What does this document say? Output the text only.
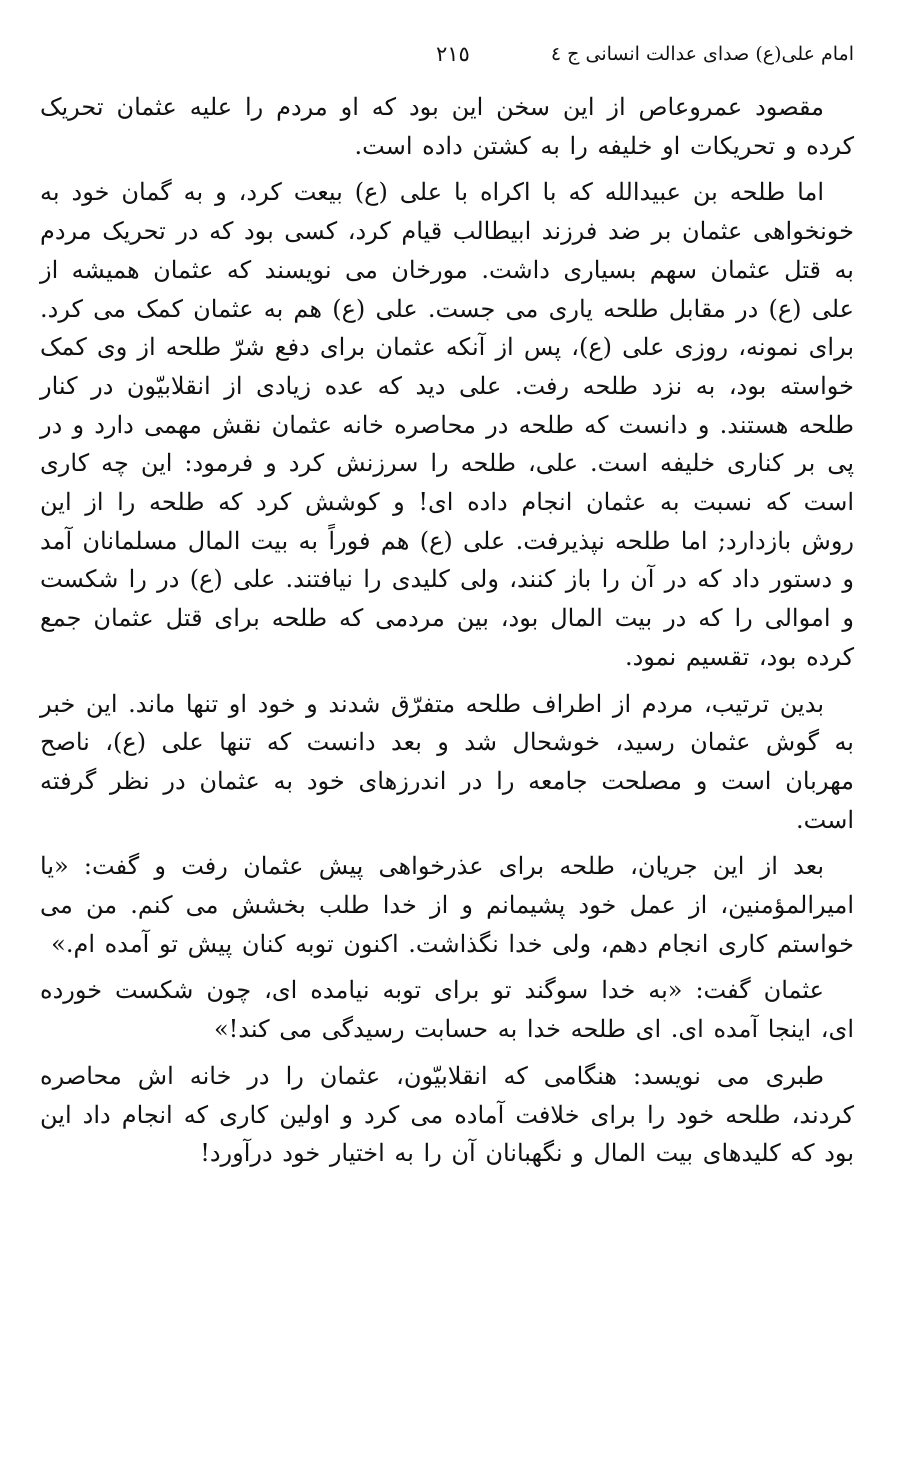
امام علی(ع) صدای عدالت انسانی ج ٤
٢١٥

مقصود عمروعاص از این سخن این بود که او مردم را علیه عثمان تحریک کرده و تحریکات او خلیفه را به کشتن داده است.

اما طلحه بن عبیدالله که با اکراه با علی (ع) بیعت کرد، و به گمان خود به خونخواهی عثمان بر ضد فرزند ابیطالب قیام کرد، کسی بود که در تحریک مردم به قتل عثمان سهم بسیاری داشت. مورخان می نویسند که عثمان همیشه از علی (ع) در مقابل طلحه یاری می جست. علی (ع) هم به عثمان کمک می کرد. برای نمونه، روزی علی (ع)، پس از آنکه عثمان برای دفع شرّ طلحه از وی کمک خواسته بود، به نزد طلحه رفت. علی دید که عده زیادی از انقلابیّون در کنار طلحه هستند. و دانست که طلحه در محاصره خانه عثمان نقش مهمی دارد و در پی بر کناری خلیفه است. علی، طلحه را سرزنش کرد و فرمود: این چه کاری است که نسبت به عثمان انجام داده ای! و کوشش کرد که طلحه را از این روش بازدارد; اما طلحه نپذیرفت. علی (ع) هم فوراً به بیت المال مسلمانان آمد و دستور داد که در آن را باز کنند، ولی کلیدی را نیافتند. علی (ع) در را شکست و اموالی را که در بیت المال بود، بین مردمی که طلحه برای قتل عثمان جمع کرده بود، تقسیم نمود.

بدین ترتیب، مردم از اطراف طلحه متفرّق شدند و خود او تنها ماند. این خبر به گوش عثمان رسید، خوشحال شد و بعد دانست که تنها علی (ع)، ناصح مهربان است و مصلحت جامعه را در اندرزهای خود به عثمان در نظر گرفته است.

بعد از این جریان، طلحه برای عذرخواهی پیش عثمان رفت و گفت: «یا امیرالمؤمنین، از عمل خود پشیمانم و از خدا طلب بخشش می کنم. من می خواستم کاری انجام دهم، ولی خدا نگذاشت. اکنون توبه کنان پیش تو آمده ام.»

عثمان گفت: «به خدا سوگند تو برای توبه نیامده ای، چون شکست خورده ای، اینجا آمده ای. ای طلحه خدا به حسابت رسیدگی می کند!»

طبری می نویسد: هنگامی که انقلابیّون، عثمان را در خانه اش محاصره کردند، طلحه خود را برای خلافت آماده می کرد و اولین کاری که انجام داد این بود که کلیدهای بیت المال و نگهبانان آن را به اختیار خود درآورد!
